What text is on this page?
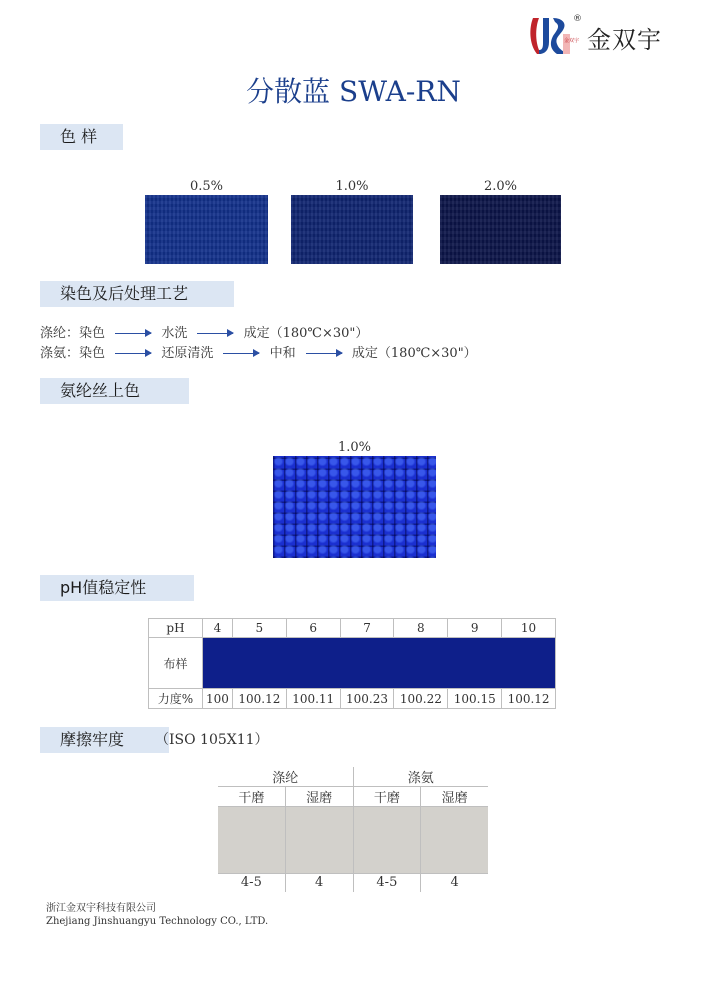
金双宇
®
金双宇
分散蓝 SWA-RN
色 样
0.5%	1.0%	2.0%
染色及后处理工艺
涤纶：染色	水洗	成定（180℃×30"）
涤氨：染色	还原清洗	中和	成定（180℃×30"）
氨纶丝上色
1.0%
pH值稳定性
pH	4	5	6	7	8	9	10
布样							
力度%	100	100.12	100.11	100.23	100.22	100.15	100.12
摩擦牢度	（ISO 105X11）
涤纶		涤氨	
干磨	湿磨	干磨	湿磨

4-5	4	4-5	4
浙江金双宇科技有限公司
Zhejiang Jinshuangyu Technology CO., LTD.
